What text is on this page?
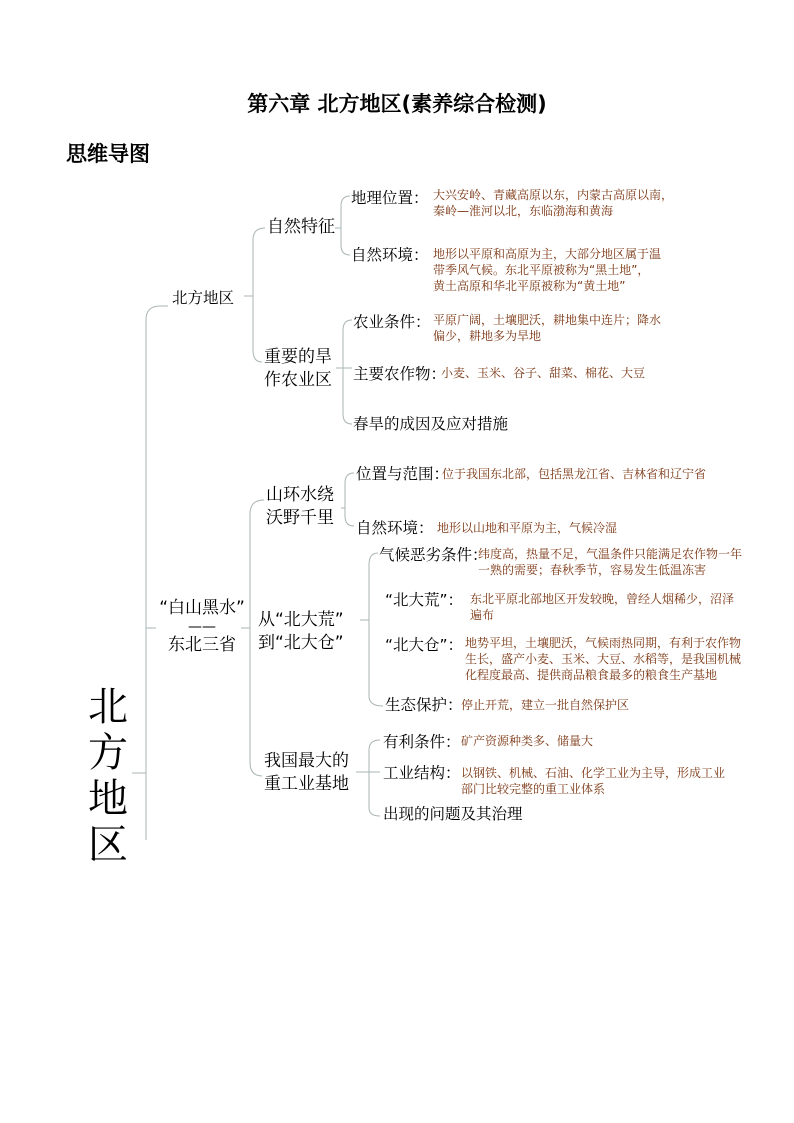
第六章 北方地区(素养综合检测)
思维导图
北
方
地
区
北方地区
自然特征
地理位置： 大兴安岭、青藏高原以东，内蒙古高原以南，
秦岭—淮河以北，东临渤海和黄海
自然环境： 地形以平原和高原为主，大部分地区属于温
带季风气候。东北平原被称为“黑土地”，
黄土高原和华北平原被称为“黄土地”
重要的旱
作农业区
农业条件： 平原广阔，土壤肥沃，耕地集中连片；降水
偏少，耕地多为旱地
主要农作物：
小麦、玉米、谷子、甜菜、棉花、大豆
春旱的成因及应对措施
“白山黑水”
——
东北三省
山环水绕
沃野千里
位置与范围：
位于我国东北部，包括黑龙江省、吉林省和辽宁省
自然环境： 地形以山地和平原为主，气候冷湿
从“北大荒”
到“北大仓”
气候恶劣条件：
纬度高，热量不足，气温条件只能满足农作物一年
一熟的需要；春秋季节，容易发生低温冻害
“北大荒”： 东北平原北部地区开发较晚，曾经人烟稀少，沼泽
遍布
“北大仓”： 地势平坦，土壤肥沃，气候雨热同期，有利于农作物
生长，盛产小麦、玉米、大豆、水稻等，是我国机械
化程度最高、提供商品粮食最多的粮食生产基地
生态保护：
停止开荒，建立一批自然保护区
我国最大的
重工业基地
有利条件： 矿产资源种类多、储量大
工业结构： 以钢铁、机械、石油、化学工业为主导，形成工业
部门比较完整的重工业体系
出现的问题及其治理
